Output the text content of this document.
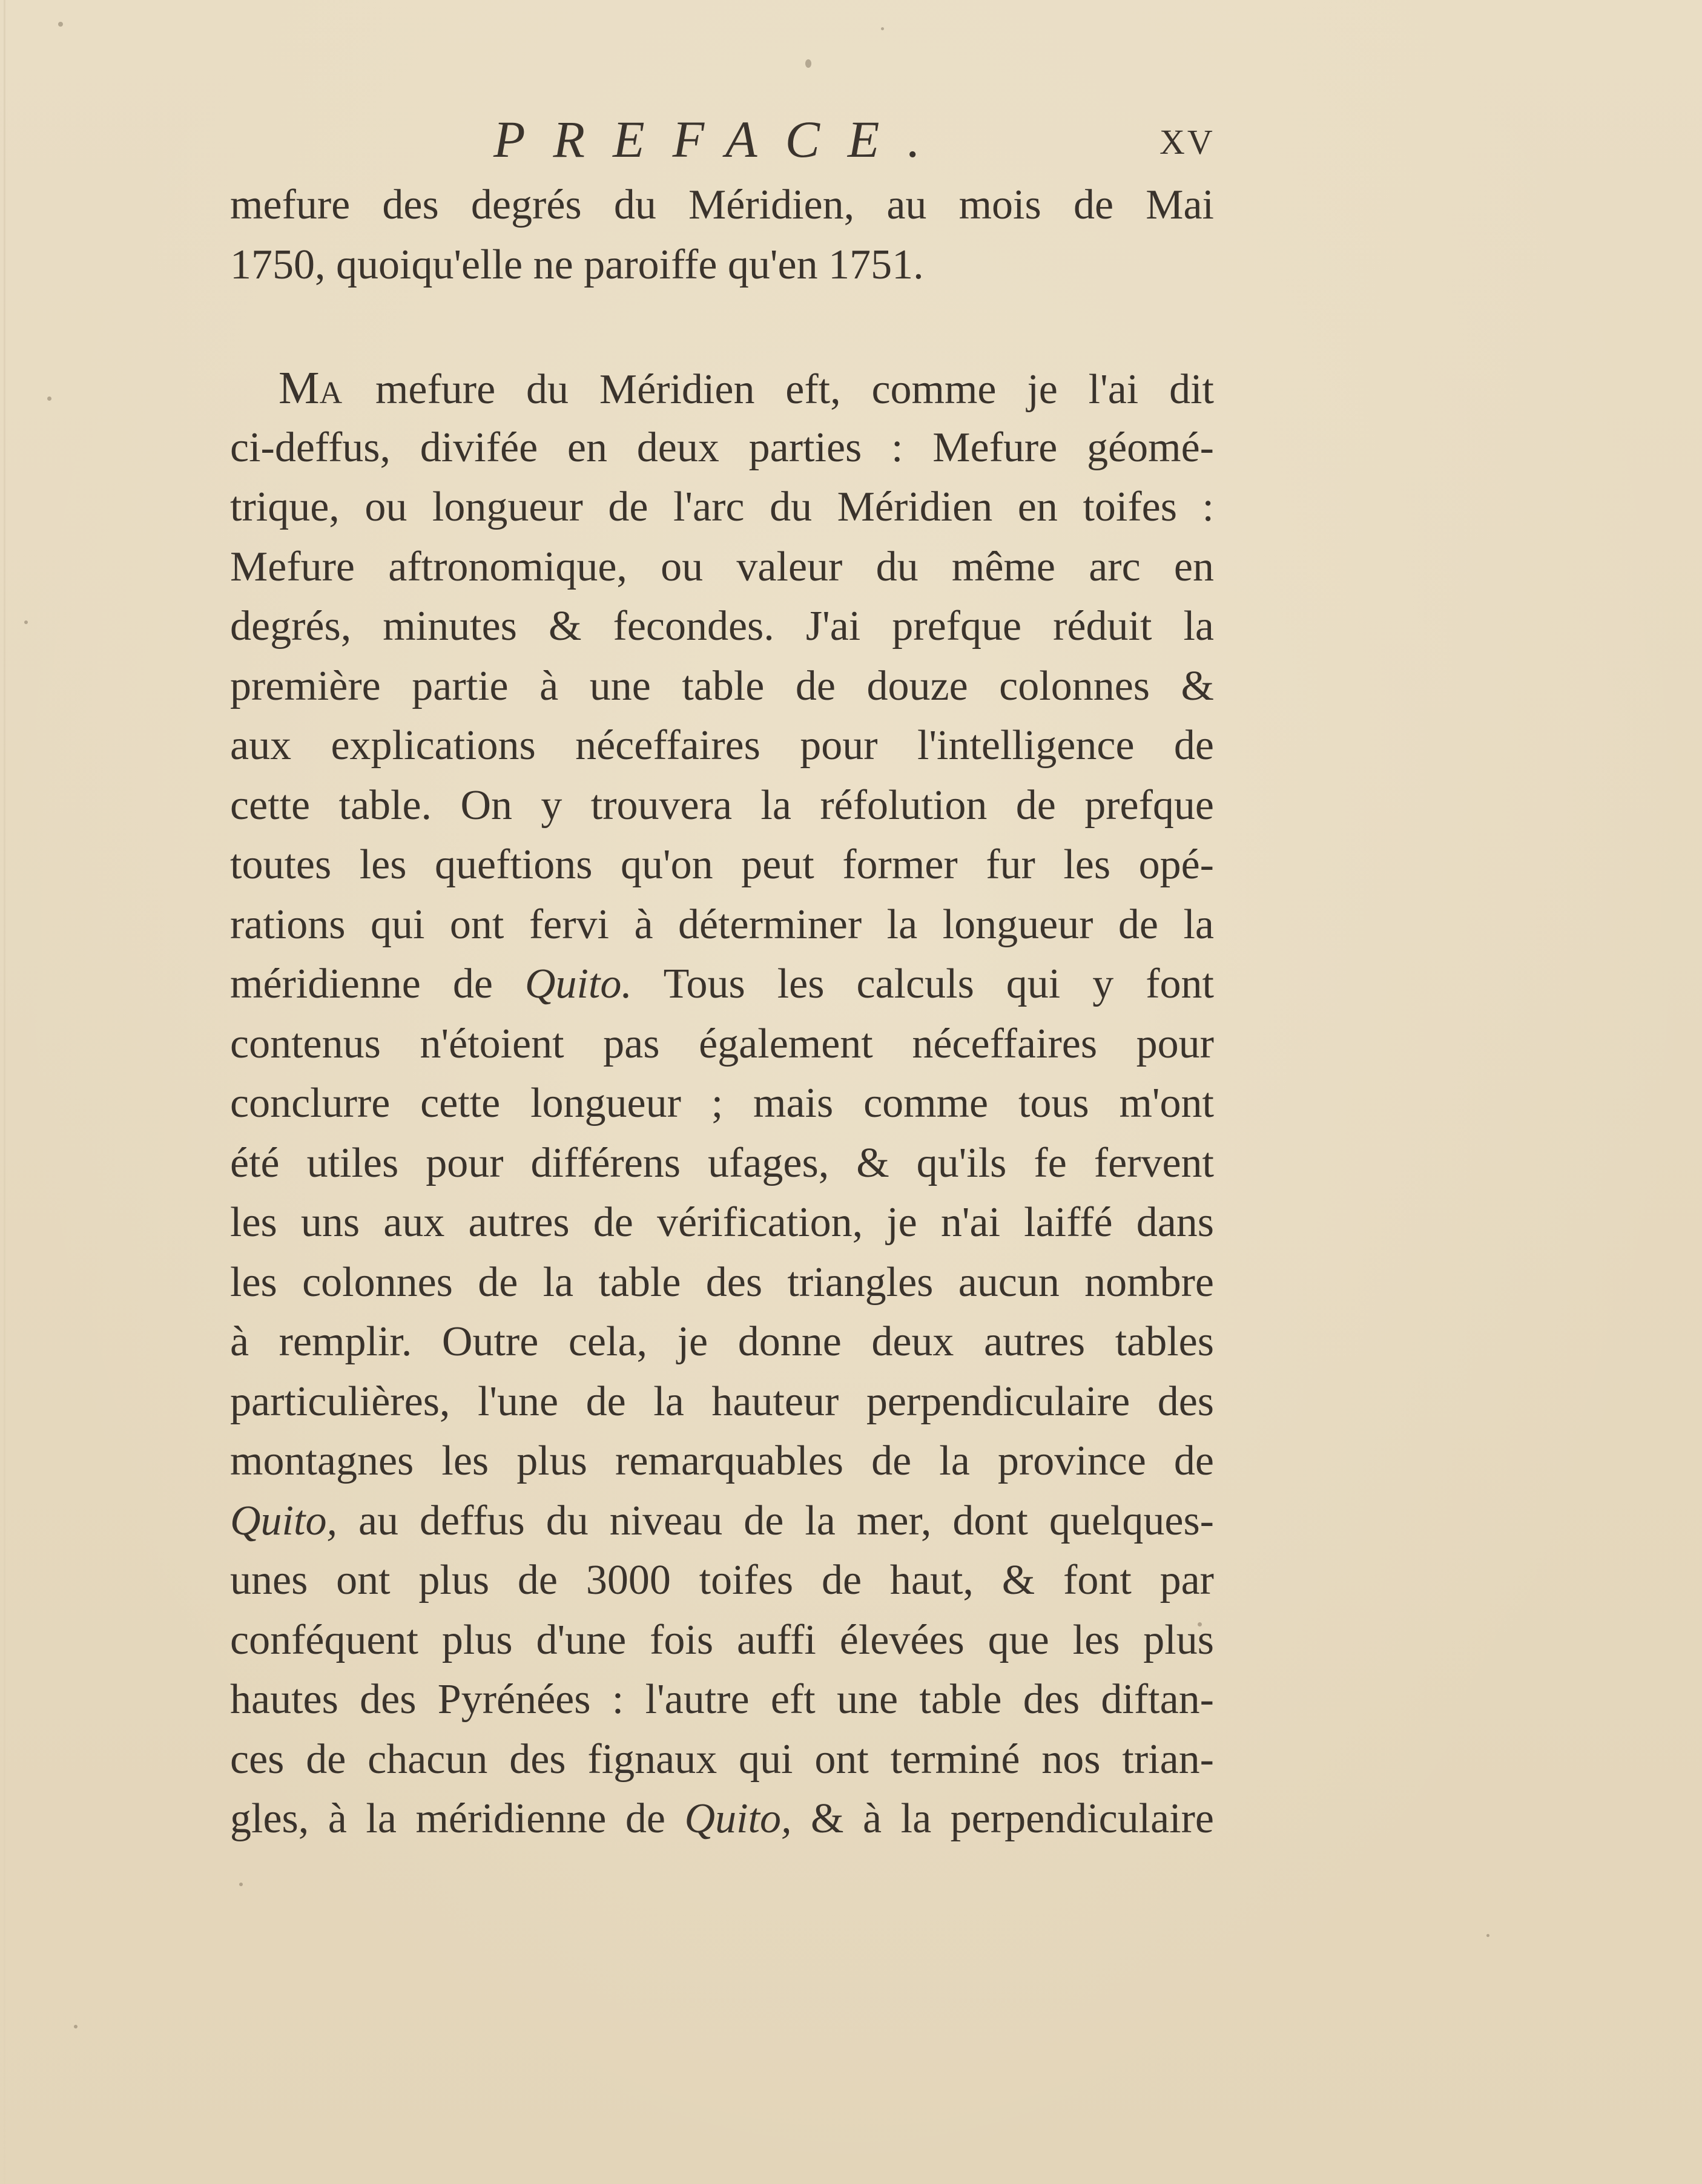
PREFACE.	XV
mefure des degrés du Méridien, au mois de Mai
1750, quoiqu'elle ne paroiffe qu'en 1751.
MA mefure du Méridien eft, comme je l'ai dit
ci-deffus, divifée en deux parties : Mefure géomé-
trique, ou longueur de l'arc du Méridien en toifes :
Mefure aftronomique, ou valeur du même arc en
degrés, minutes & fecondes. J'ai prefque réduit la
première partie à une table de douze colonnes &
aux explications néceffaires pour l'intelligence de
cette table. On y trouvera la réfolution de prefque
toutes les queftions qu'on peut former fur les opé-
rations qui ont fervi à déterminer la longueur de la
méridienne de Quito. Tous les calculs qui y font
contenus n'étoient pas également néceffaires pour
conclurre cette longueur ; mais comme tous m'ont
été utiles pour différens ufages, & qu'ils fe fervent
les uns aux autres de vérification, je n'ai laiffé dans
les colonnes de la table des triangles aucun nombre
à remplir. Outre cela, je donne deux autres tables
particulières, l'une de la hauteur perpendiculaire des
montagnes les plus remarquables de la province de
Quito, au deffus du niveau de la mer, dont quelques-
unes ont plus de 3000 toifes de haut, & font par
conféquent plus d'une fois auffi élevées que les plus
hautes des Pyrénées : l'autre eft une table des diftan-
ces de chacun des fignaux qui ont terminé nos trian-
gles, à la méridienne de Quito, & à la perpendiculaire
